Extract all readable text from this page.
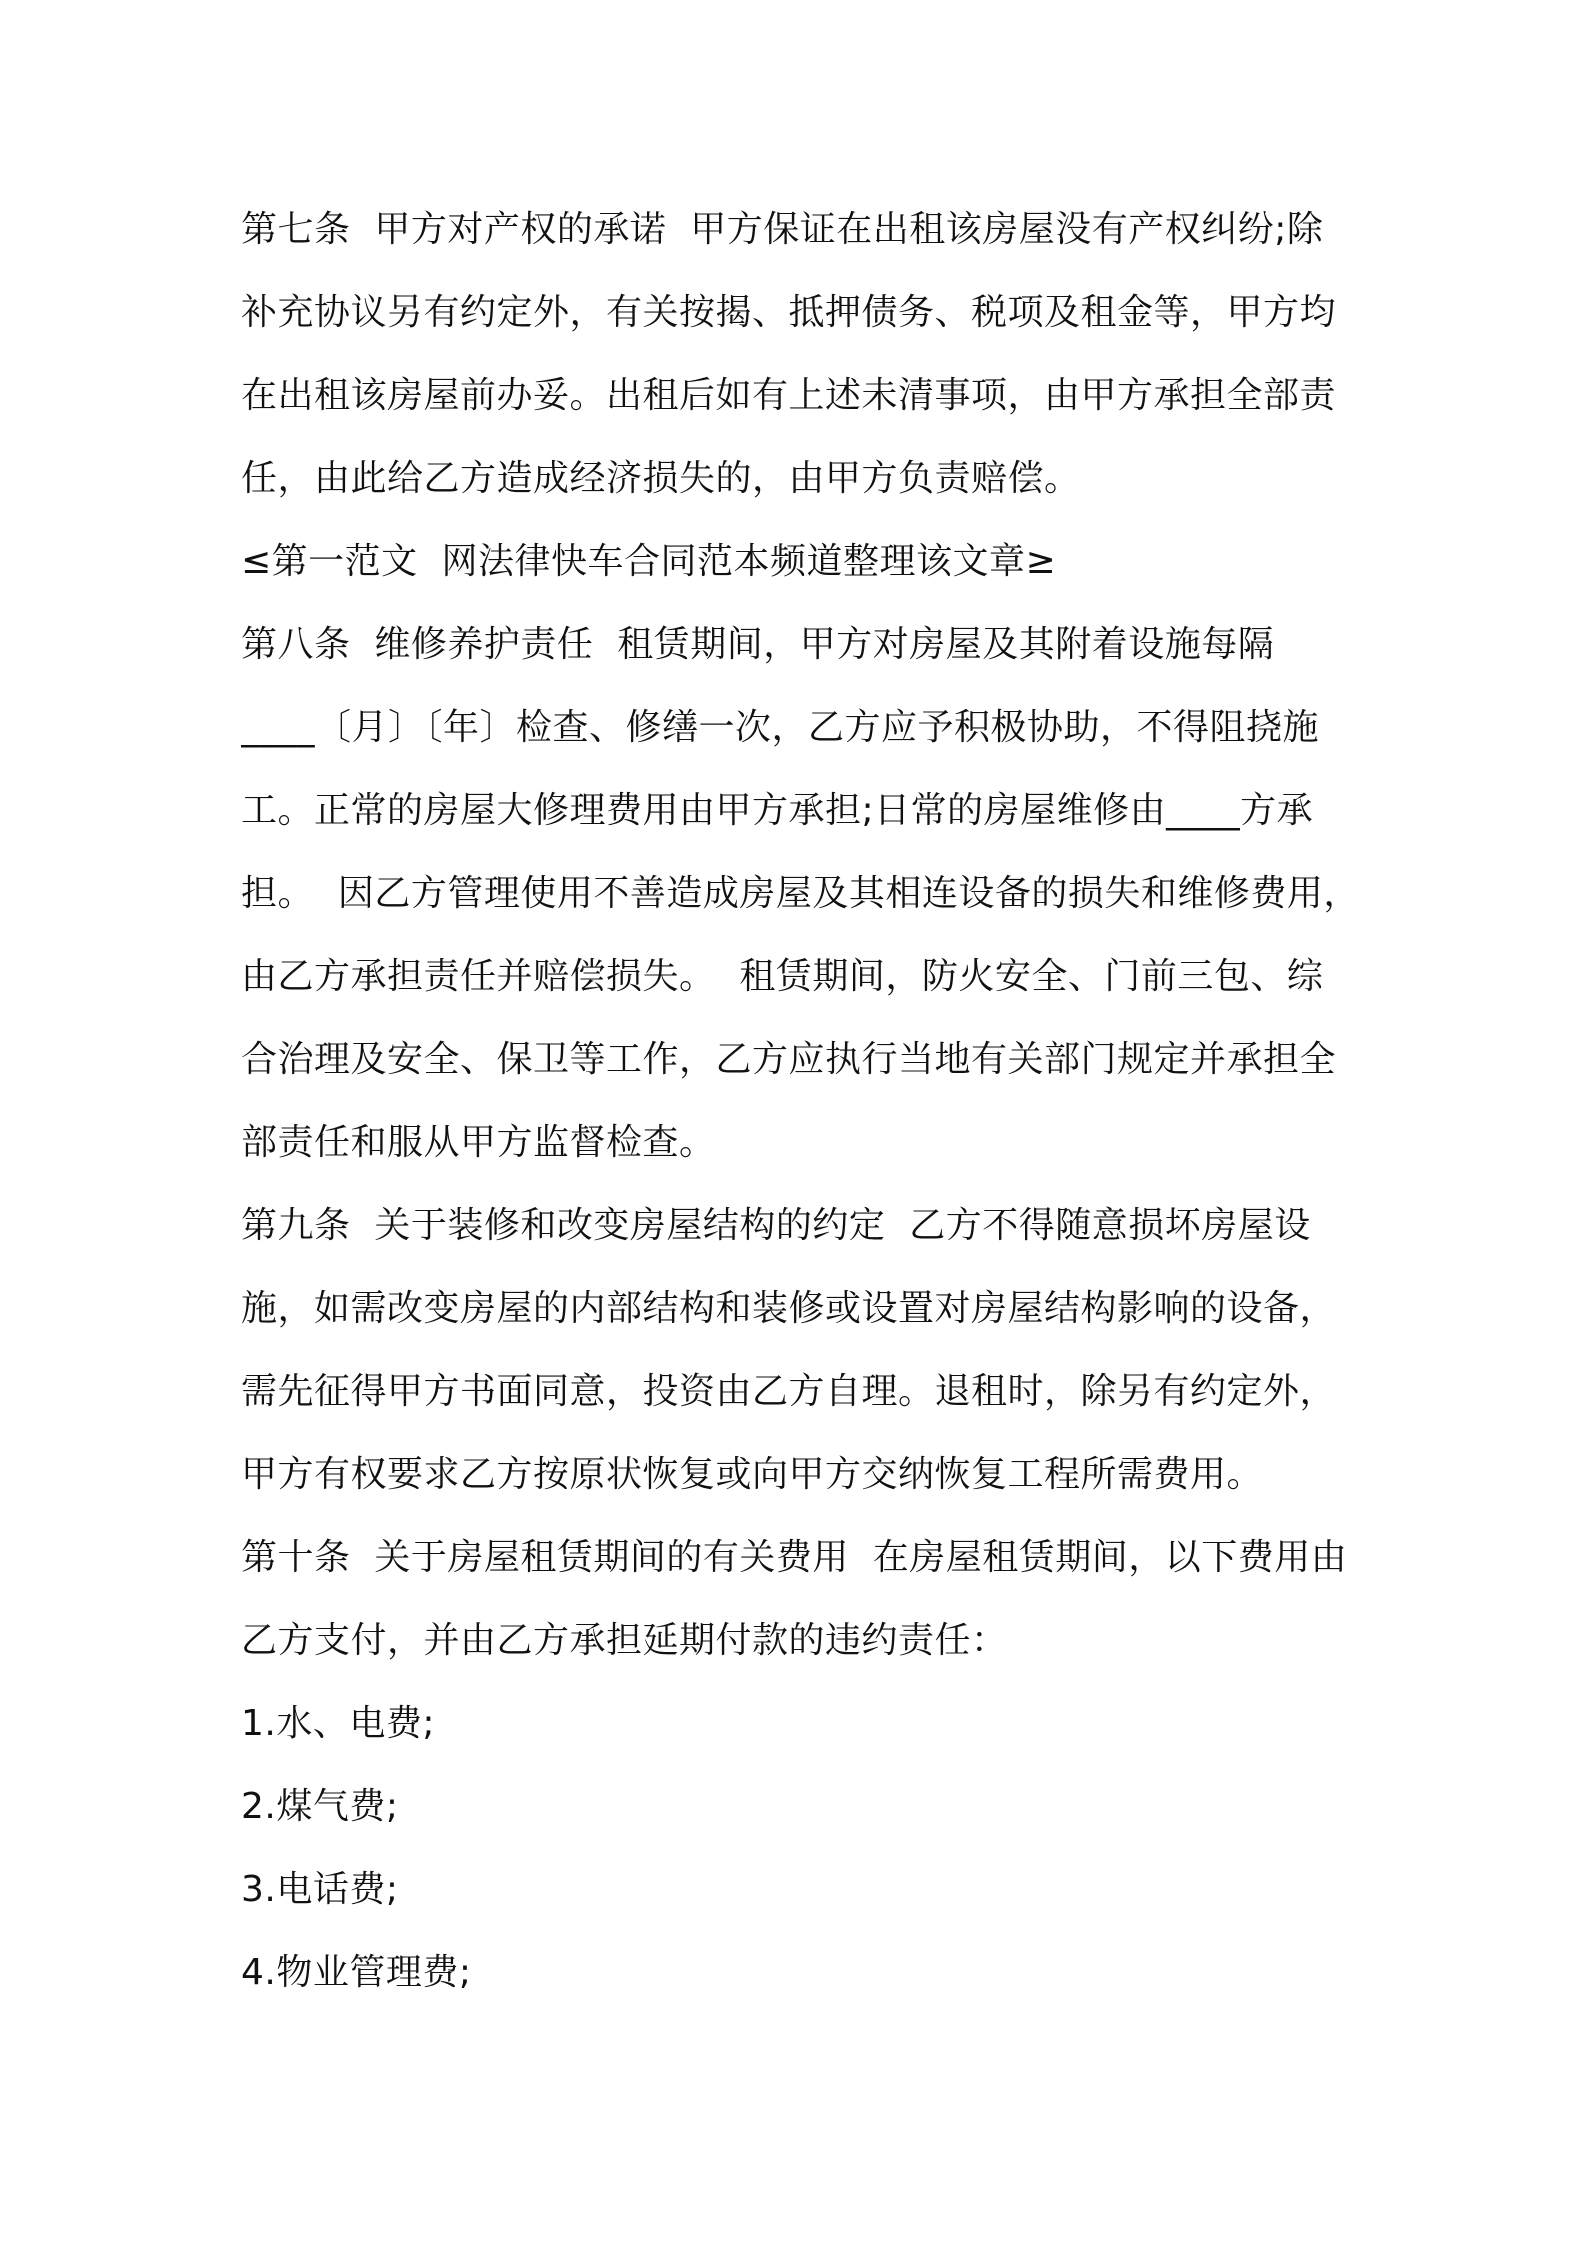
第七条  甲方对产权的承诺  甲方保证在出租该房屋没有产权纠纷;除
补充协议另有约定外，有关按揭、抵押债务、税项及租金等，甲方均
在出租该房屋前办妥。出租后如有上述未清事项，由甲方承担全部责
任，由此给乙方造成经济损失的，由甲方负责赔偿。
≤第一范文  网法律快车合同范本频道整理该文章≥
第八条  维修养护责任  租赁期间，甲方对房屋及其附着设施每隔
____〔月〕〔年〕检查、修缮一次，乙方应予积极协助，不得阻挠施
工。正常的房屋大修理费用由甲方承担;日常的房屋维修由____方承
担。  因乙方管理使用不善造成房屋及其相连设备的损失和维修费用，
由乙方承担责任并赔偿损失。  租赁期间，防火安全、门前三包、综
合治理及安全、保卫等工作，乙方应执行当地有关部门规定并承担全
部责任和服从甲方监督检查。
第九条  关于装修和改变房屋结构的约定  乙方不得随意损坏房屋设
施，如需改变房屋的内部结构和装修或设置对房屋结构影响的设备，
需先征得甲方书面同意，投资由乙方自理。退租时，除另有约定外，
甲方有权要求乙方按原状恢复或向甲方交纳恢复工程所需费用。
第十条  关于房屋租赁期间的有关费用  在房屋租赁期间，以下费用由
乙方支付，并由乙方承担延期付款的违约责任：
1.水、电费;
2.煤气费;
3.电话费;
4.物业管理费;
